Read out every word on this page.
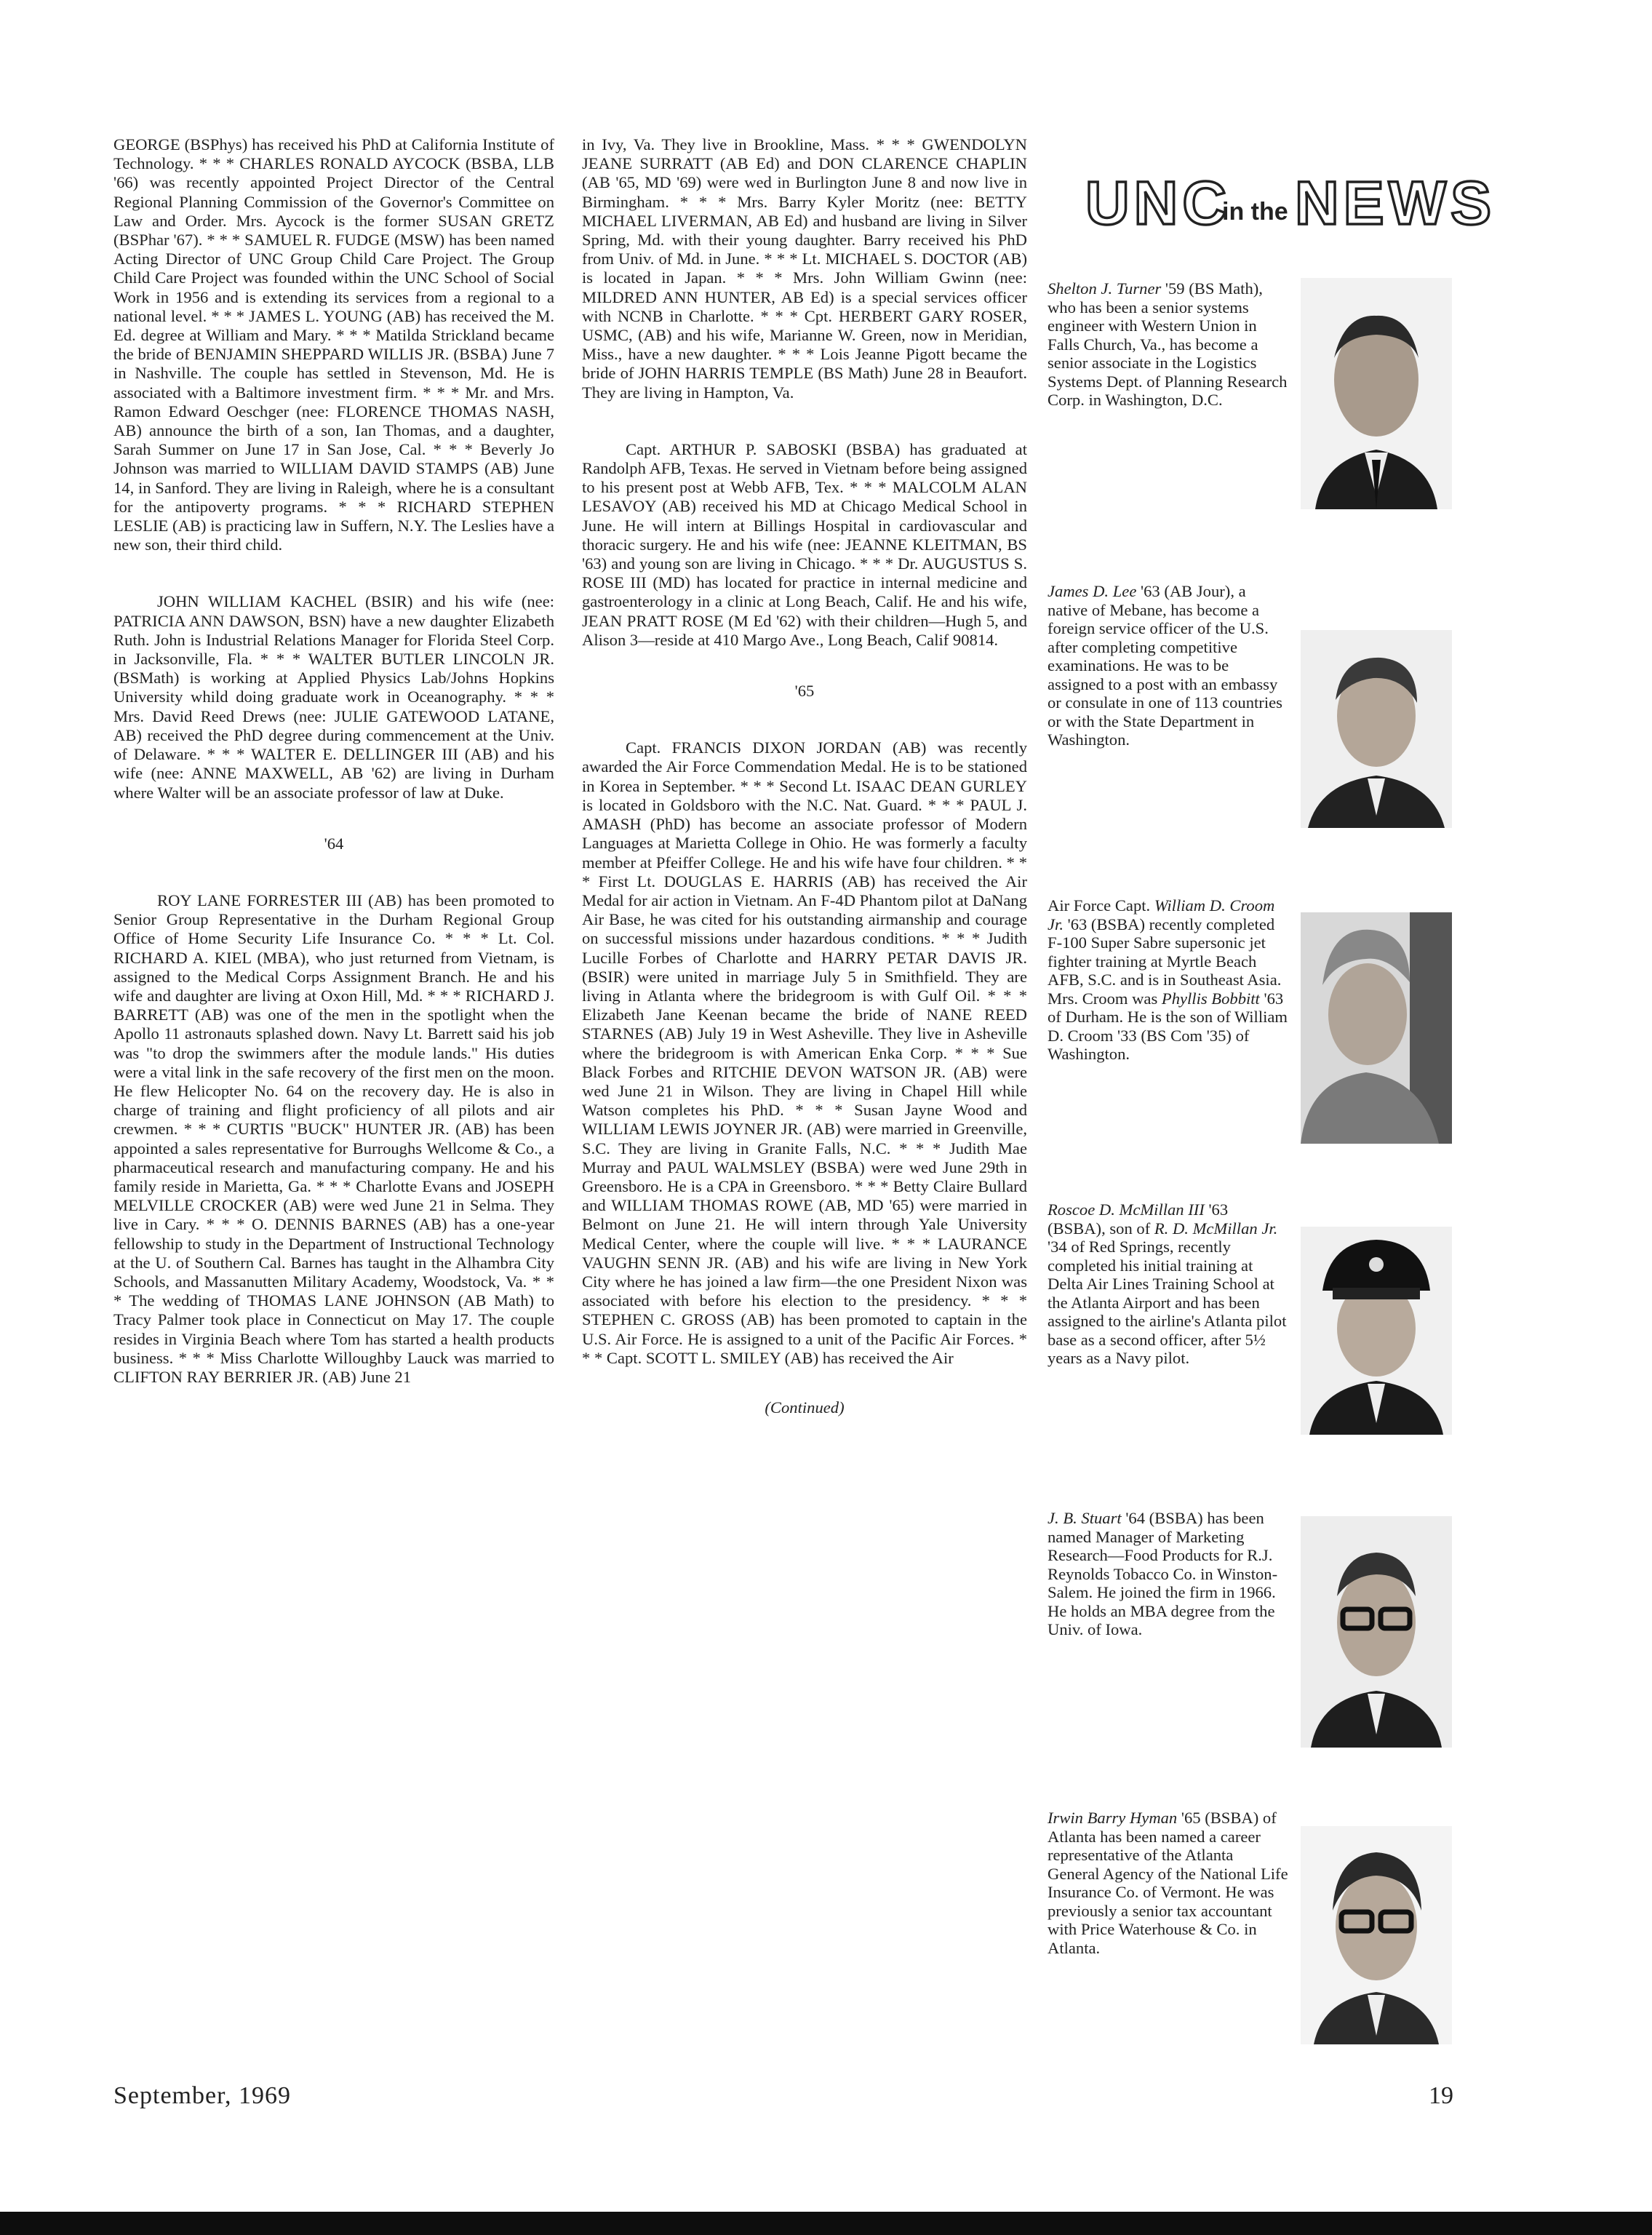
GEORGE (BSPhys) has received his PhD at California Institute of Technology. * * * CHARLES RONALD AYCOCK (BSBA, LLB '66) was recently appointed Project Director of the Central Regional Planning Commission of the Governor's Committee on Law and Order. Mrs. Aycock is the former SUSAN GRETZ (BSPhar '67). * * * SAMUEL R. FUDGE (MSW) has been named Acting Director of UNC Group Child Care Project. The Group Child Care Project was founded within the UNC School of Social Work in 1956 and is extending its services from a regional to a national level. * * * JAMES L. YOUNG (AB) has received the M. Ed. degree at William and Mary. * * * Matilda Strickland became the bride of BENJAMIN SHEPPARD WILLIS JR. (BSBA) June 7 in Nashville. The couple has settled in Stevenson, Md. He is associated with a Baltimore investment firm. * * * Mr. and Mrs. Ramon Edward Oeschger (nee: FLORENCE THOMAS NASH, AB) announce the birth of a son, Ian Thomas, and a daughter, Sarah Summer on June 17 in San Jose, Cal. * * * Beverly Jo Johnson was married to WILLIAM DAVID STAMPS (AB) June 14, in Sanford. They are living in Raleigh, where he is a consultant for the antipoverty programs. * * * RICHARD STEPHEN LESLIE (AB) is practicing law in Suffern, N.Y. The Leslies have a new son, their third child.

JOHN WILLIAM KACHEL (BSIR) and his wife (nee: PATRICIA ANN DAWSON, BSN) have a new daughter Elizabeth Ruth. John is Industrial Relations Manager for Florida Steel Corp. in Jacksonville, Fla. * * * WALTER BUTLER LINCOLN JR. (BSMath) is working at Applied Physics Lab/Johns Hopkins University whild doing graduate work in Oceanography. * * * Mrs. David Reed Drews (nee: JULIE GATEWOOD LATANE, AB) received the PhD degree during commencement at the Univ. of Delaware. * * * WALTER E. DELLINGER III (AB) and his wife (nee: ANNE MAXWELL, AB '62) are living in Durham where Walter will be an associate professor of law at Duke.

'64

ROY LANE FORRESTER III (AB) has been promoted to Senior Group Representative in the Durham Regional Group Office of Home Security Life Insurance Co. * * * Lt. Col. RICHARD A. KIEL (MBA), who just returned from Vietnam, is assigned to the Medical Corps Assignment Branch. He and his wife and daughter are living at Oxon Hill, Md. * * * RICHARD J. BARRETT (AB) was one of the men in the spotlight when the Apollo 11 astronauts splashed down. Navy Lt. Barrett said his job was "to drop the swimmers after the module lands." His duties were a vital link in the safe recovery of the first men on the moon. He flew Helicopter No. 64 on the recovery day. He is also in charge of training and flight proficiency of all pilots and air crewmen. * * * CURTIS "BUCK" HUNTER JR. (AB) has been appointed a sales representative for Burroughs Wellcome & Co., a pharmaceutical research and manufacturing company. He and his family reside in Marietta, Ga. * * * Charlotte Evans and JOSEPH MELVILLE CROCKER (AB) were wed June 21 in Selma. They live in Cary. * * * O. DENNIS BARNES (AB) has a one-year fellowship to study in the Department of Instructional Technology at the U. of Southern Cal. Barnes has taught in the Alhambra City Schools, and Massanutten Military Academy, Woodstock, Va. * * * The wedding of THOMAS LANE JOHNSON (AB Math) to Tracy Palmer took place in Connecticut on May 17. The couple resides in Virginia Beach where Tom has started a health products business. * * * Miss Charlotte Willoughby Lauck was married to CLIFTON RAY BERRIER JR. (AB) June 21

in Ivy, Va. They live in Brookline, Mass. * * * GWENDOLYN JEANE SURRATT (AB Ed) and DON CLARENCE CHAPLIN (AB '65, MD '69) were wed in Burlington June 8 and now live in Birmingham. * * * Mrs. Barry Kyler Moritz (nee: BETTY MICHAEL LIVERMAN, AB Ed) and husband are living in Silver Spring, Md. with their young daughter. Barry received his PhD from Univ. of Md. in June. * * * Lt. MICHAEL S. DOCTOR (AB) is located in Japan. * * * Mrs. John William Gwinn (nee: MILDRED ANN HUNTER, AB Ed) is a special services officer with NCNB in Charlotte. * * * Cpt. HERBERT GARY ROSER, USMC, (AB) and his wife, Marianne W. Green, now in Meridian, Miss., have a new daughter. * * * Lois Jeanne Pigott became the bride of JOHN HARRIS TEMPLE (BS Math) June 28 in Beaufort. They are living in Hampton, Va.

Capt. ARTHUR P. SABOSKI (BSBA) has graduated at Randolph AFB, Texas. He served in Vietnam before being assigned to his present post at Webb AFB, Tex. * * * MALCOLM ALAN LESAVOY (AB) received his MD at Chicago Medical School in June. He will intern at Billings Hospital in cardiovascular and thoracic surgery. He and his wife (nee: JEANNE KLEITMAN, BS '63) and young son are living in Chicago. * * * Dr. AUGUSTUS S. ROSE III (MD) has located for practice in internal medicine and gastroenterology in a clinic at Long Beach, Calif. He and his wife, JEAN PRATT ROSE (M Ed '62) with their children—Hugh 5, and Alison 3—reside at 410 Margo Ave., Long Beach, Calif 90814.

'65

Capt. FRANCIS DIXON JORDAN (AB) was recently awarded the Air Force Commendation Medal. He is to be stationed in Korea in September. * * * Second Lt. ISAAC DEAN GURLEY is located in Goldsboro with the N.C. Nat. Guard. * * * PAUL J. AMASH (PhD) has become an associate professor of Modern Languages at Marietta College in Ohio. He was formerly a faculty member at Pfeiffer College. He and his wife have four children. * * * First Lt. DOUGLAS E. HARRIS (AB) has received the Air Medal for air action in Vietnam. An F-4D Phantom pilot at DaNang Air Base, he was cited for his outstanding airmanship and courage on successful missions under hazardous conditions. * * * Judith Lucille Forbes of Charlotte and HARRY PETAR DAVIS JR. (BSIR) were united in marriage July 5 in Smithfield. They are living in Atlanta where the bridegroom is with Gulf Oil. * * * Elizabeth Jane Keenan became the bride of NANE REED STARNES (AB) July 19 in West Asheville. They live in Asheville where the bridegroom is with American Enka Corp. * * * Sue Black Forbes and RITCHIE DEVON WATSON JR. (AB) were wed June 21 in Wilson. They are living in Chapel Hill while Watson completes his PhD. * * * Susan Jayne Wood and WILLIAM LEWIS JOYNER JR. (AB) were married in Greenville, S.C. They are living in Granite Falls, N.C. * * * Judith Mae Murray and PAUL WALMSLEY (BSBA) were wed June 29th in Greensboro. He is a CPA in Greensboro. * * * Betty Claire Bullard and WILLIAM THOMAS ROWE (AB, MD '65) were married in Belmont on June 21. He will intern through Yale University Medical Center, where the couple will live. * * * LAURANCE VAUGHN SENN JR. (AB) and his wife are living in New York City where he has joined a law firm—the one President Nixon was associated with before his election to the presidency. * * * STEPHEN C. GROSS (AB) has been promoted to captain in the U.S. Air Force. He is assigned to a unit of the Pacific Air Forces. * * * Capt. SCOTT L. SMILEY (AB) has received the Air

(Continued)

UNC
in the NEWS
Shelton J. Turner '59 (BS Math), who has been a senior systems engineer with Western Union in Falls Church, Va., has become a senior associate in the Logistics Systems Dept. of Planning Research Corp. in Washington, D.C.
James D. Lee '63 (AB Jour), a native of Mebane, has become a foreign service officer of the U.S. after completing competitive examinations. He was to be assigned to a post with an embassy or consulate in one of 113 countries or with the State Department in Washington.
Air Force Capt. William D. Croom Jr. '63 (BSBA) recently completed F-100 Super Sabre supersonic jet fighter training at Myrtle Beach AFB, S.C. and is in Southeast Asia. Mrs. Croom was Phyllis Bobbitt '63 of Durham. He is the son of William D. Croom '33 (BS Com '35) of Washington.
Roscoe D. McMillan III '63 (BSBA), son of R. D. McMillan Jr. '34 of Red Springs, recently completed his initial training at Delta Air Lines Training School at the Atlanta Airport and has been assigned to the airline's Atlanta pilot base as a second officer, after 5½ years as a Navy pilot.
J. B. Stuart '64 (BSBA) has been named Manager of Marketing Research—Food Products for R.J. Reynolds Tobacco Co. in Winston-Salem. He joined the firm in 1966. He holds an MBA degree from the Univ. of Iowa.
Irwin Barry Hyman '65 (BSBA) of Atlanta has been named a career representative of the Atlanta General Agency of the National Life Insurance Co. of Vermont. He was previously a senior tax accountant with Price Waterhouse & Co. in Atlanta.
September, 1969	19
